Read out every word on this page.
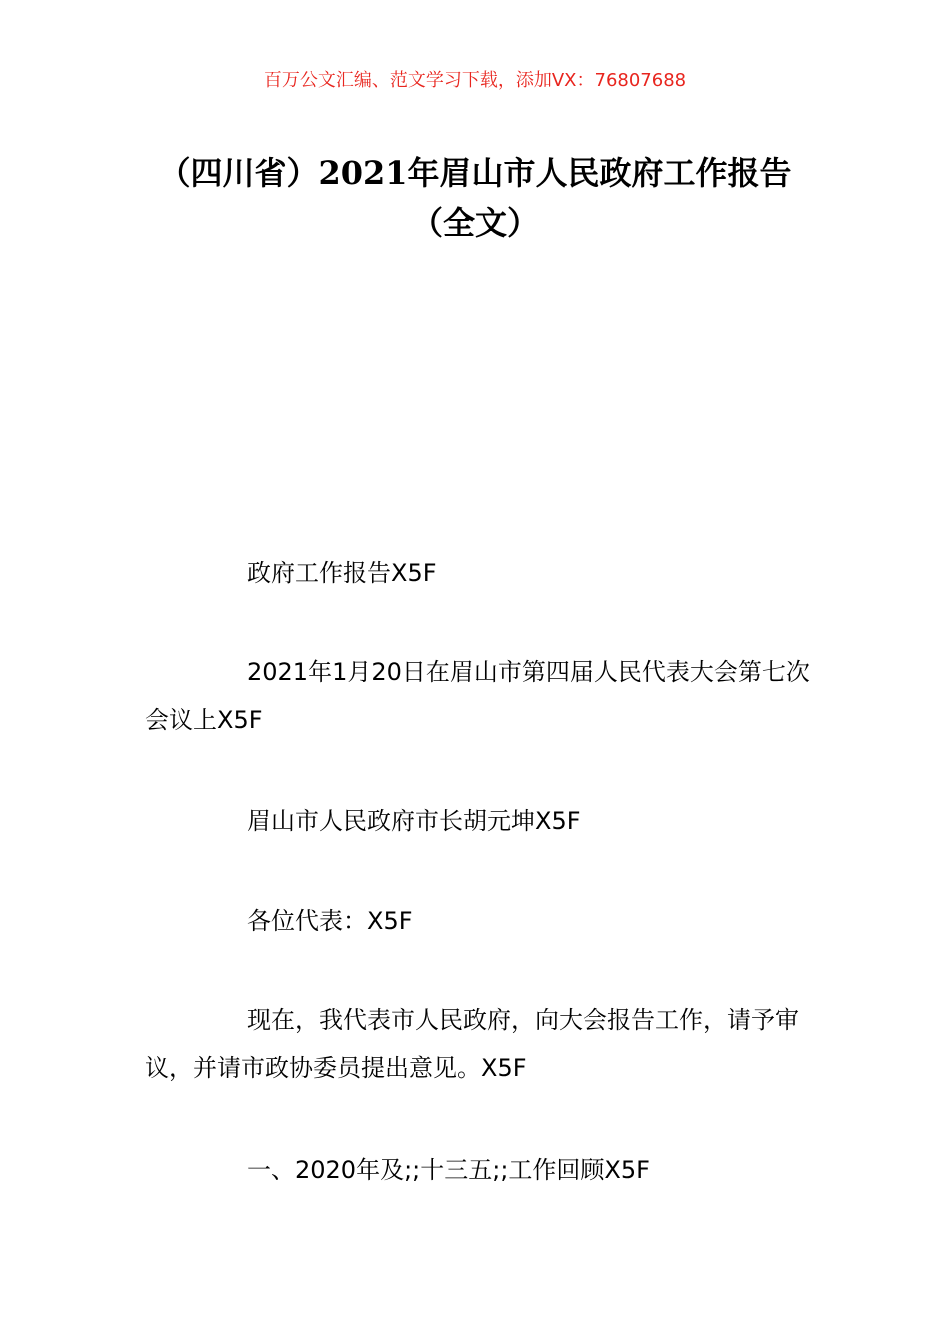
百万公文汇编、范文学习下载，添加VX：76807688
（四川省）2021年眉山市人民政府工作报告（全文）

政府工作报告X5F

2021年1月20日在眉山市第四届人民代表大会第七次会议上X5F

眉山市人民政府市长胡元坤X5F

各位代表：X5F

现在，我代表市人民政府，向大会报告工作，请予审议，并请市政协委员提出意见。X5F

一、2020年及;;十三五;;工作回顾X5F
